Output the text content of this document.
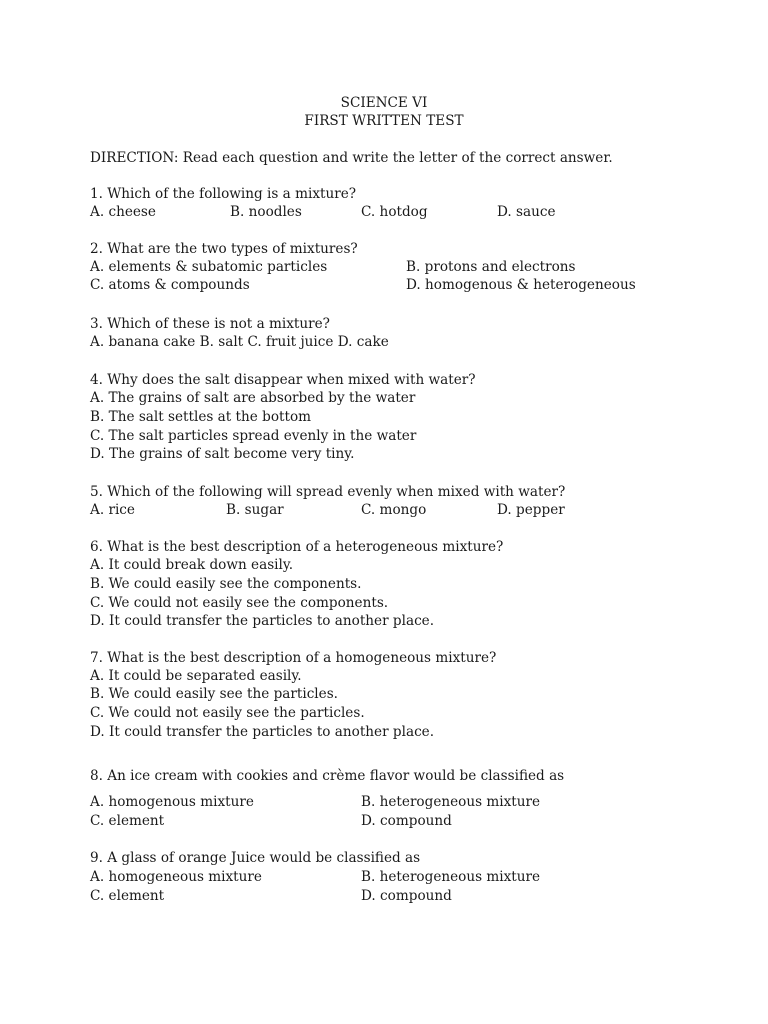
SCIENCE VI
FIRST WRITTEN TEST
DIRECTION: Read each question and write the letter of the correct answer.
1. Which of the following is a mixture?
A. cheese	B. noodles	C. hotdog	D. sauce
2. What are the two types of mixtures?
A. elements & subatomic particles	B. protons and electrons
C. atoms & compounds	D. homogenous & heterogeneous
3. Which of these is not a mixture?
A. banana cake B. salt C. fruit juice D. cake
4. Why does the salt disappear when mixed with water?
A. The grains of salt are absorbed by the water
B. The salt settles at the bottom
C. The salt particles spread evenly in the water
D. The grains of salt become very tiny.
5. Which of the following will spread evenly when mixed with water?
A. rice	B. sugar	C. mongo	D. pepper
6. What is the best description of a heterogeneous mixture?
A. It could break down easily.
B. We could easily see the components.
C. We could not easily see the components.
D. It could transfer the particles to another place.
7. What is the best description of a homogeneous mixture?
A. It could be separated easily.
B. We could easily see the particles.
C. We could not easily see the particles.
D. It could transfer the particles to another place.
8. An ice cream with cookies and crème flavor would be classified as
A. homogenous mixture	B. heterogeneous mixture
C. element	D. compound
9. A glass of orange Juice would be classified as
A. homogeneous mixture	B. heterogeneous mixture
C. element	D. compound
